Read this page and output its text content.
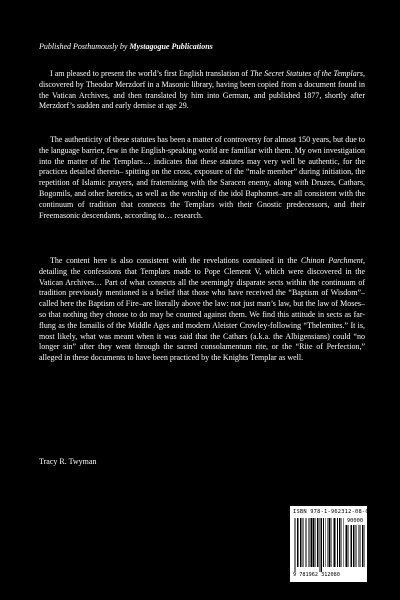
Published Posthumously by Mystagogue Publications
I am pleased to present the world’s first English translation of The Secret Statutes of the Templars, discovered by Theodor Merzdorf in a Masonic library, having been copied from a document found in the Vatican Archives, and then translated by him into German, and published 1877, shortly after Merzdorf’s sudden and early demise at age 29.
The authenticity of these statutes has been a matter of controversy for almost 150 years, but due to the language barrier, few in the English-speaking world are familiar with them. My own investigation into the matter of the Templars… indicates that these statutes may very well be authentic, for the practices detailed therein– spitting on the cross, exposure of the “male member” during initiation, the repetition of Islamic prayers, and fraternizing with the Saracen enemy, along with Druzes, Cathars, Bogomils, and other heretics, as well as the worship of the idol Baphomet–are all consistent with the continuum of tradition that connects the Templars with their Gnostic predecessors, and their Freemasonic descendants, according to… research.
The content here is also consistent with the revelations contained in the Chinon Parchment, detailing the confessions that Templars made to Pope Clement V, which were discovered in the Vatican Archives… Part of what connects all the seemingly disparate sects within the continuum of tradition previously mentioned is a belief that those who have received the “Baptism of Wisdom”–called here the Baptism of Fire–are literally above the law: not just man’s law, but the law of Moses–so that nothing they choose to do may be counted against them. We find this attitude in sects as far-flung as the Ismailis of the Middle Ages and modern Aleister Crowley-following “Thelemites.” It is, most likely, what was meant when it was said that the Cathars (a.k.a. the Albigensians) could “no longer sin” after they went through the sacred consolamentum rite, or the “Rite of Perfection,” alleged in these documents to have been practiced by the Knights Templar as well.
Tracy R. Twyman
ISBN 978-1-962312-08-0
90000
9 781962 312080
